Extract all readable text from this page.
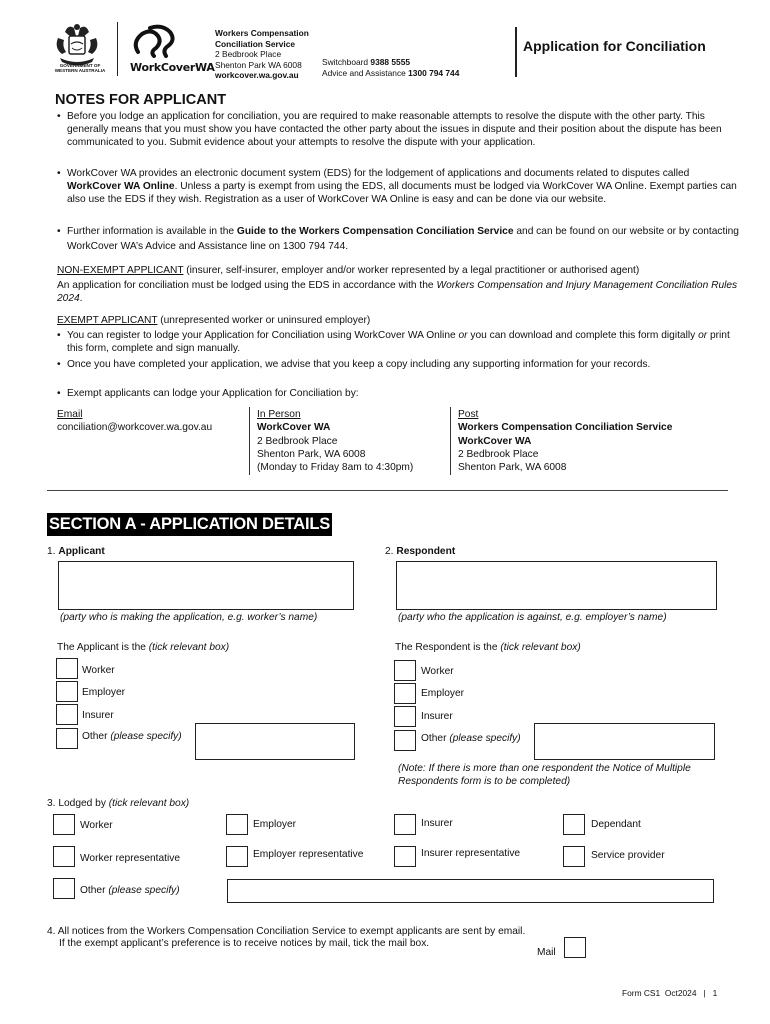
GOVERNMENT OF WESTERN AUSTRALIA	WorkCoverWA
Workers Compensation Conciliation Service
2 Bedbrook Place
Shenton Park WA 6008
workcover.wa.gov.au
Switchboard 9388 5555
Advice and Assistance 1300 794 744
Application for Conciliation
NOTES FOR APPLICANT
• Before you lodge an application for conciliation, you are required to make reasonable attempts to resolve the dispute with the other party. This generally means that you must show you have contacted the other party about the issues in dispute and their position about the dispute has been communicated to you. Submit evidence about your attempts to resolve the dispute with your application.
• WorkCover WA provides an electronic document system (EDS) for the lodgement of applications and documents related to disputes called WorkCover WA Online. Unless a party is exempt from using the EDS, all documents must be lodged via WorkCover WA Online. Exempt parties can also use the EDS if they wish. Registration as a user of WorkCover WA Online is easy and can be done via our website.
• Further information is available in the Guide to the Workers Compensation Conciliation Service and can be found on our website or by contacting WorkCover WA’s Advice and Assistance line on 1300 794 744.
NON-EXEMPT APPLICANT (insurer, self-insurer, employer and/or worker represented by a legal practitioner or authorised agent)
An application for conciliation must be lodged using the EDS in accordance with the Workers Compensation and Injury Management Conciliation Rules 2024.
EXEMPT APPLICANT (unrepresented worker or uninsured employer)
• You can register to lodge your Application for Conciliation using WorkCover WA Online or you can download and complete this form digitally or print this form, complete and sign manually.
• Once you have completed your application, we advise that you keep a copy including any supporting information for your records.
• Exempt applicants can lodge your Application for Conciliation by:
Email
conciliation@workcover.wa.gov.au
In Person
WorkCover WA
2 Bedbrook Place
Shenton Park, WA 6008
(Monday to Friday 8am to 4:30pm)
Post
Workers Compensation Conciliation Service
WorkCover WA
2 Bedbrook Place
Shenton Park, WA 6008
SECTION A - APPLICATION DETAILS
1. Applicant
(party who is making the application, e.g. worker’s name)
The Applicant is the (tick relevant box)
Worker
Employer
Insurer
Other (please specify)
2. Respondent
(party who the application is against, e.g. employer’s name)
The Respondent is the (tick relevant box)
Worker
Employer
Insurer
Other (please specify)
(Note: If there is more than one respondent the Notice of Multiple Respondents form is to be completed)
3. Lodged by (tick relevant box)
Worker	Employer	Insurer	Dependant
Worker representative	Employer representative	Insurer representative	Service provider
Other (please specify)
4. All notices from the Workers Compensation Conciliation Service to exempt applicants are sent by email.
If the exempt applicant’s preference is to receive notices by mail, tick the mail box.
Mail
Form CS1 Oct2024 | 1
